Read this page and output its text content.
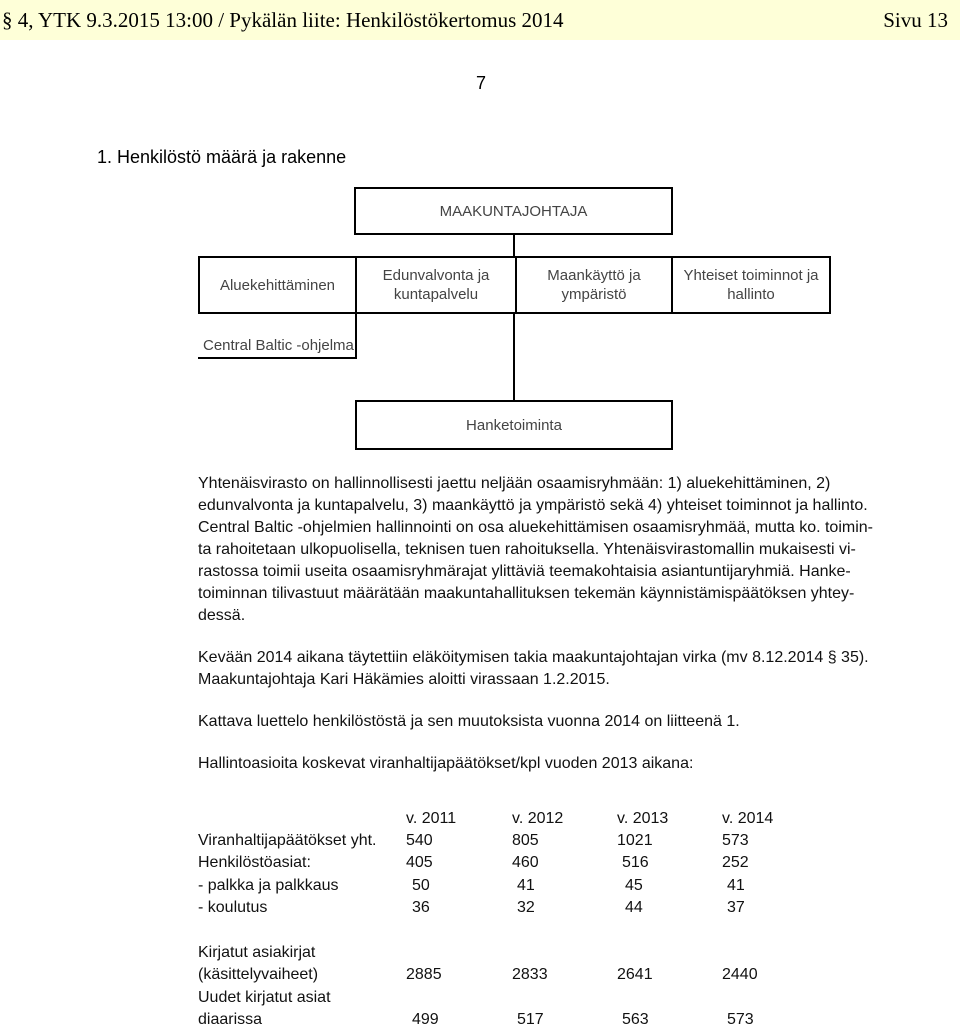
§ 4, YTK 9.3.2015 13:00 / Pykälän liite: Henkilöstökertomus 2014	Sivu 13
7
1. Henkilöstö määrä ja rakenne
MAAKUNTAJOHTAJA
Aluekehittäminen
Edunvalvonta ja
kuntapalvelu
Maankäyttö ja
ympäristö
Yhteiset toiminnot ja
hallinto
Central Baltic -ohjelma
Hanketoiminta

Yhtenäisvirasto on hallinnollisesti jaettu neljään osaamisryhmään: 1) aluekehittäminen, 2)
edunvalvonta ja kuntapalvelu, 3) maankäyttö ja ympäristö sekä 4) yhteiset toiminnot ja hallinto.
Central Baltic -ohjelmien hallinnointi on osa aluekehittämisen osaamisryhmää, mutta ko. toimin-
ta rahoitetaan ulkopuolisella, teknisen tuen rahoituksella. Yhtenäisvirastomallin mukaisesti vi-
rastossa toimii useita osaamisryhmärajat ylittäviä teemakohtaisia asiantuntijaryhmiä. Hanke-
toiminnan tilivastuut määrätään maakuntahallituksen tekemän käynnistämispäätöksen yhtey-
dessä.

Kevään 2014 aikana täytettiin eläköitymisen takia maakuntajohtajan virka (mv 8.12.2014 § 35).
Maakuntajohtaja Kari Häkämies aloitti virassaan 1.2.2015.

Kattava luettelo henkilöstöstä ja sen muutoksista vuonna 2014 on liitteenä 1.

Hallintoasioita koskevat viranhaltijapäätökset/kpl vuoden 2013 aikana:

v. 2011	v. 2012	v. 2013	v. 2014
Viranhaltijapäätökset yht. 540	805	1021	573
Henkilöstöasiat:	405	460	516	252
- palkka ja palkkaus	50	41	45	41
- koulutus	36	32	44	37
Kirjatut asiakirjat
(käsittelyvaiheet)	2885	2833	2641	2440
Uudet kirjatut asiat
diaarissa	499	517	563	573
